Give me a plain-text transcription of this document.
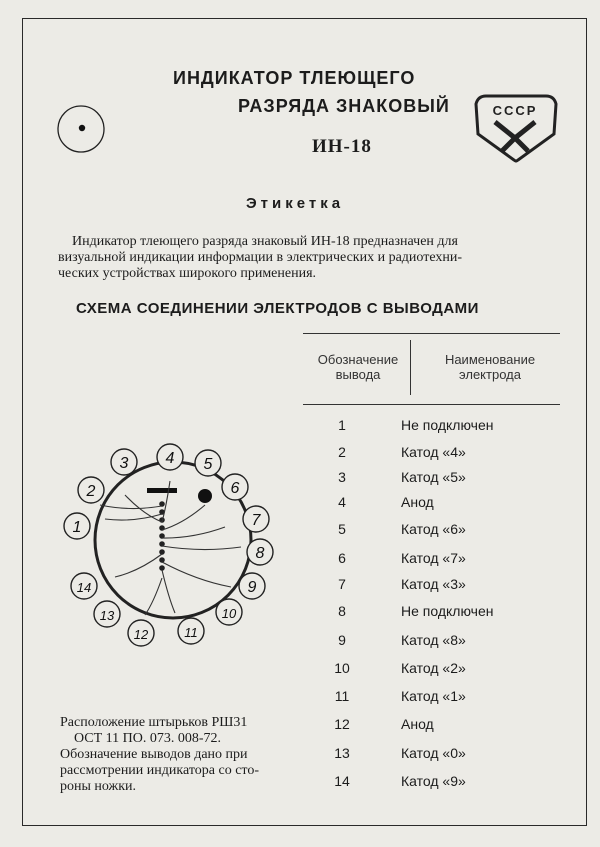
ИНДИКАТОР ТЛЕЮЩЕГО
РАЗРЯДА ЗНАКОВЫЙ
ИН-18
СССР
Этикетка
Индикатор тлеющего разряда знаковый ИН-18 предназначен для
визуальной индикации информации в электрических и радиотехни-
ческих устройствах широкого применения.
СХЕМА СОЕДИНЕНИИ ЭЛЕКТРОДОВ С ВЫВОДАМИ
Обозначение
вывода
Наименование
электрода
1	Не подключен
2	Катод «4»
3	Катод «5»
4	Анод
5	Катод «6»
6	Катод «7»
7	Катод «3»
8	Не подключен
9	Катод «8»
10	Катод «2»
11	Катод «1»
12	Анод
13	Катод «0»
14	Катод «9»
1
2
3 4 5
6
7
8
9
10
11
12
13
14
Расположение штырьков РШ31
ОСТ 11 ПО. 073. 008-72.
Обозначение выводов дано при
рассмотрении индикатора со сто-
роны ножки.
